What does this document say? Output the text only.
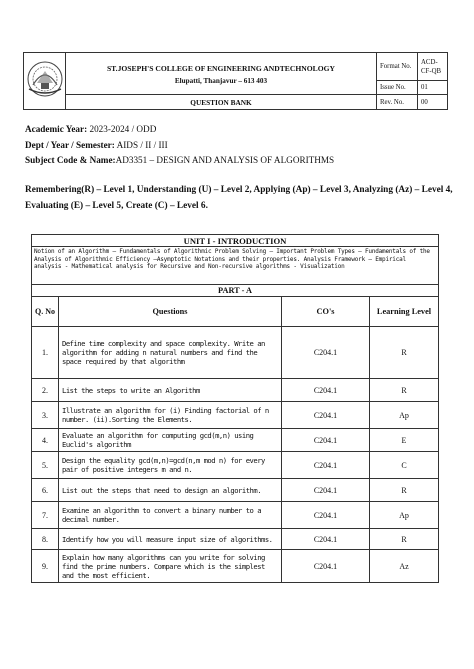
ST.JOSEPH'S COLLEGE OF ENGINEERING ANDTECHNOLOGY
Elupatti, Thanjavur – 613 403	Format No.	ACD-CF-QB
		Issue No.	01
	QUESTION BANK	Rev. No.	00
Academic Year: 2023-2024 / ODD
Dept / Year / Semester: AIDS / II / III
Subject Code & Name:AD3351 – DESIGN AND ANALYSIS OF ALGORITHMS
Remembering(R) – Level 1, Understanding (U) – Level 2, Applying (Ap) – Level 3, Analyzing (Az) – Level 4, Evaluating (E) – Level 5, Create (C) – Level 6.
UNIT I - INTRODUCTION			
Notion of an Algorithm – Fundamentals of Algorithmic Problem Solving – Important Problem Types – Fundamentals of the Analysis of Algorithmic Efficiency –Asymptotic Notations and their properties. Analysis Framework – Empirical analysis - Mathematical analysis for Recursive and Non-recursive algorithms - Visualization			
PART - A			
Q. No	Questions	CO's	Learning Level
1.	Define time complexity and space complexity. Write an algorithm for adding n natural numbers and find the space required by that algorithm	C204.1	R
2.	List the steps to write an Algorithm	C204.1	R
3.	Illustrate an algorithm for (i) Finding factorial of n number. (ii).Sorting the Elements.	C204.1	Ap
4.	Evaluate an algorithm for computing gcd(m,n) using Euclid's algorithm	C204.1	E
5.	Design the equality gcd(m,n)=gcd(n,m mod n) for every pair of positive integers m and n.	C204.1	C
6.	List out the steps that need to design an algorithm.	C204.1	R
7.	Examine an algorithm to convert a binary number to a decimal number.	C204.1	Ap
8.	Identify how you will measure input size of algorithms.	C204.1	R
9.	Explain how many algorithms can you write for solving find the prime numbers. Compare which is the simplest and the most efficient.	C204.1	Az
